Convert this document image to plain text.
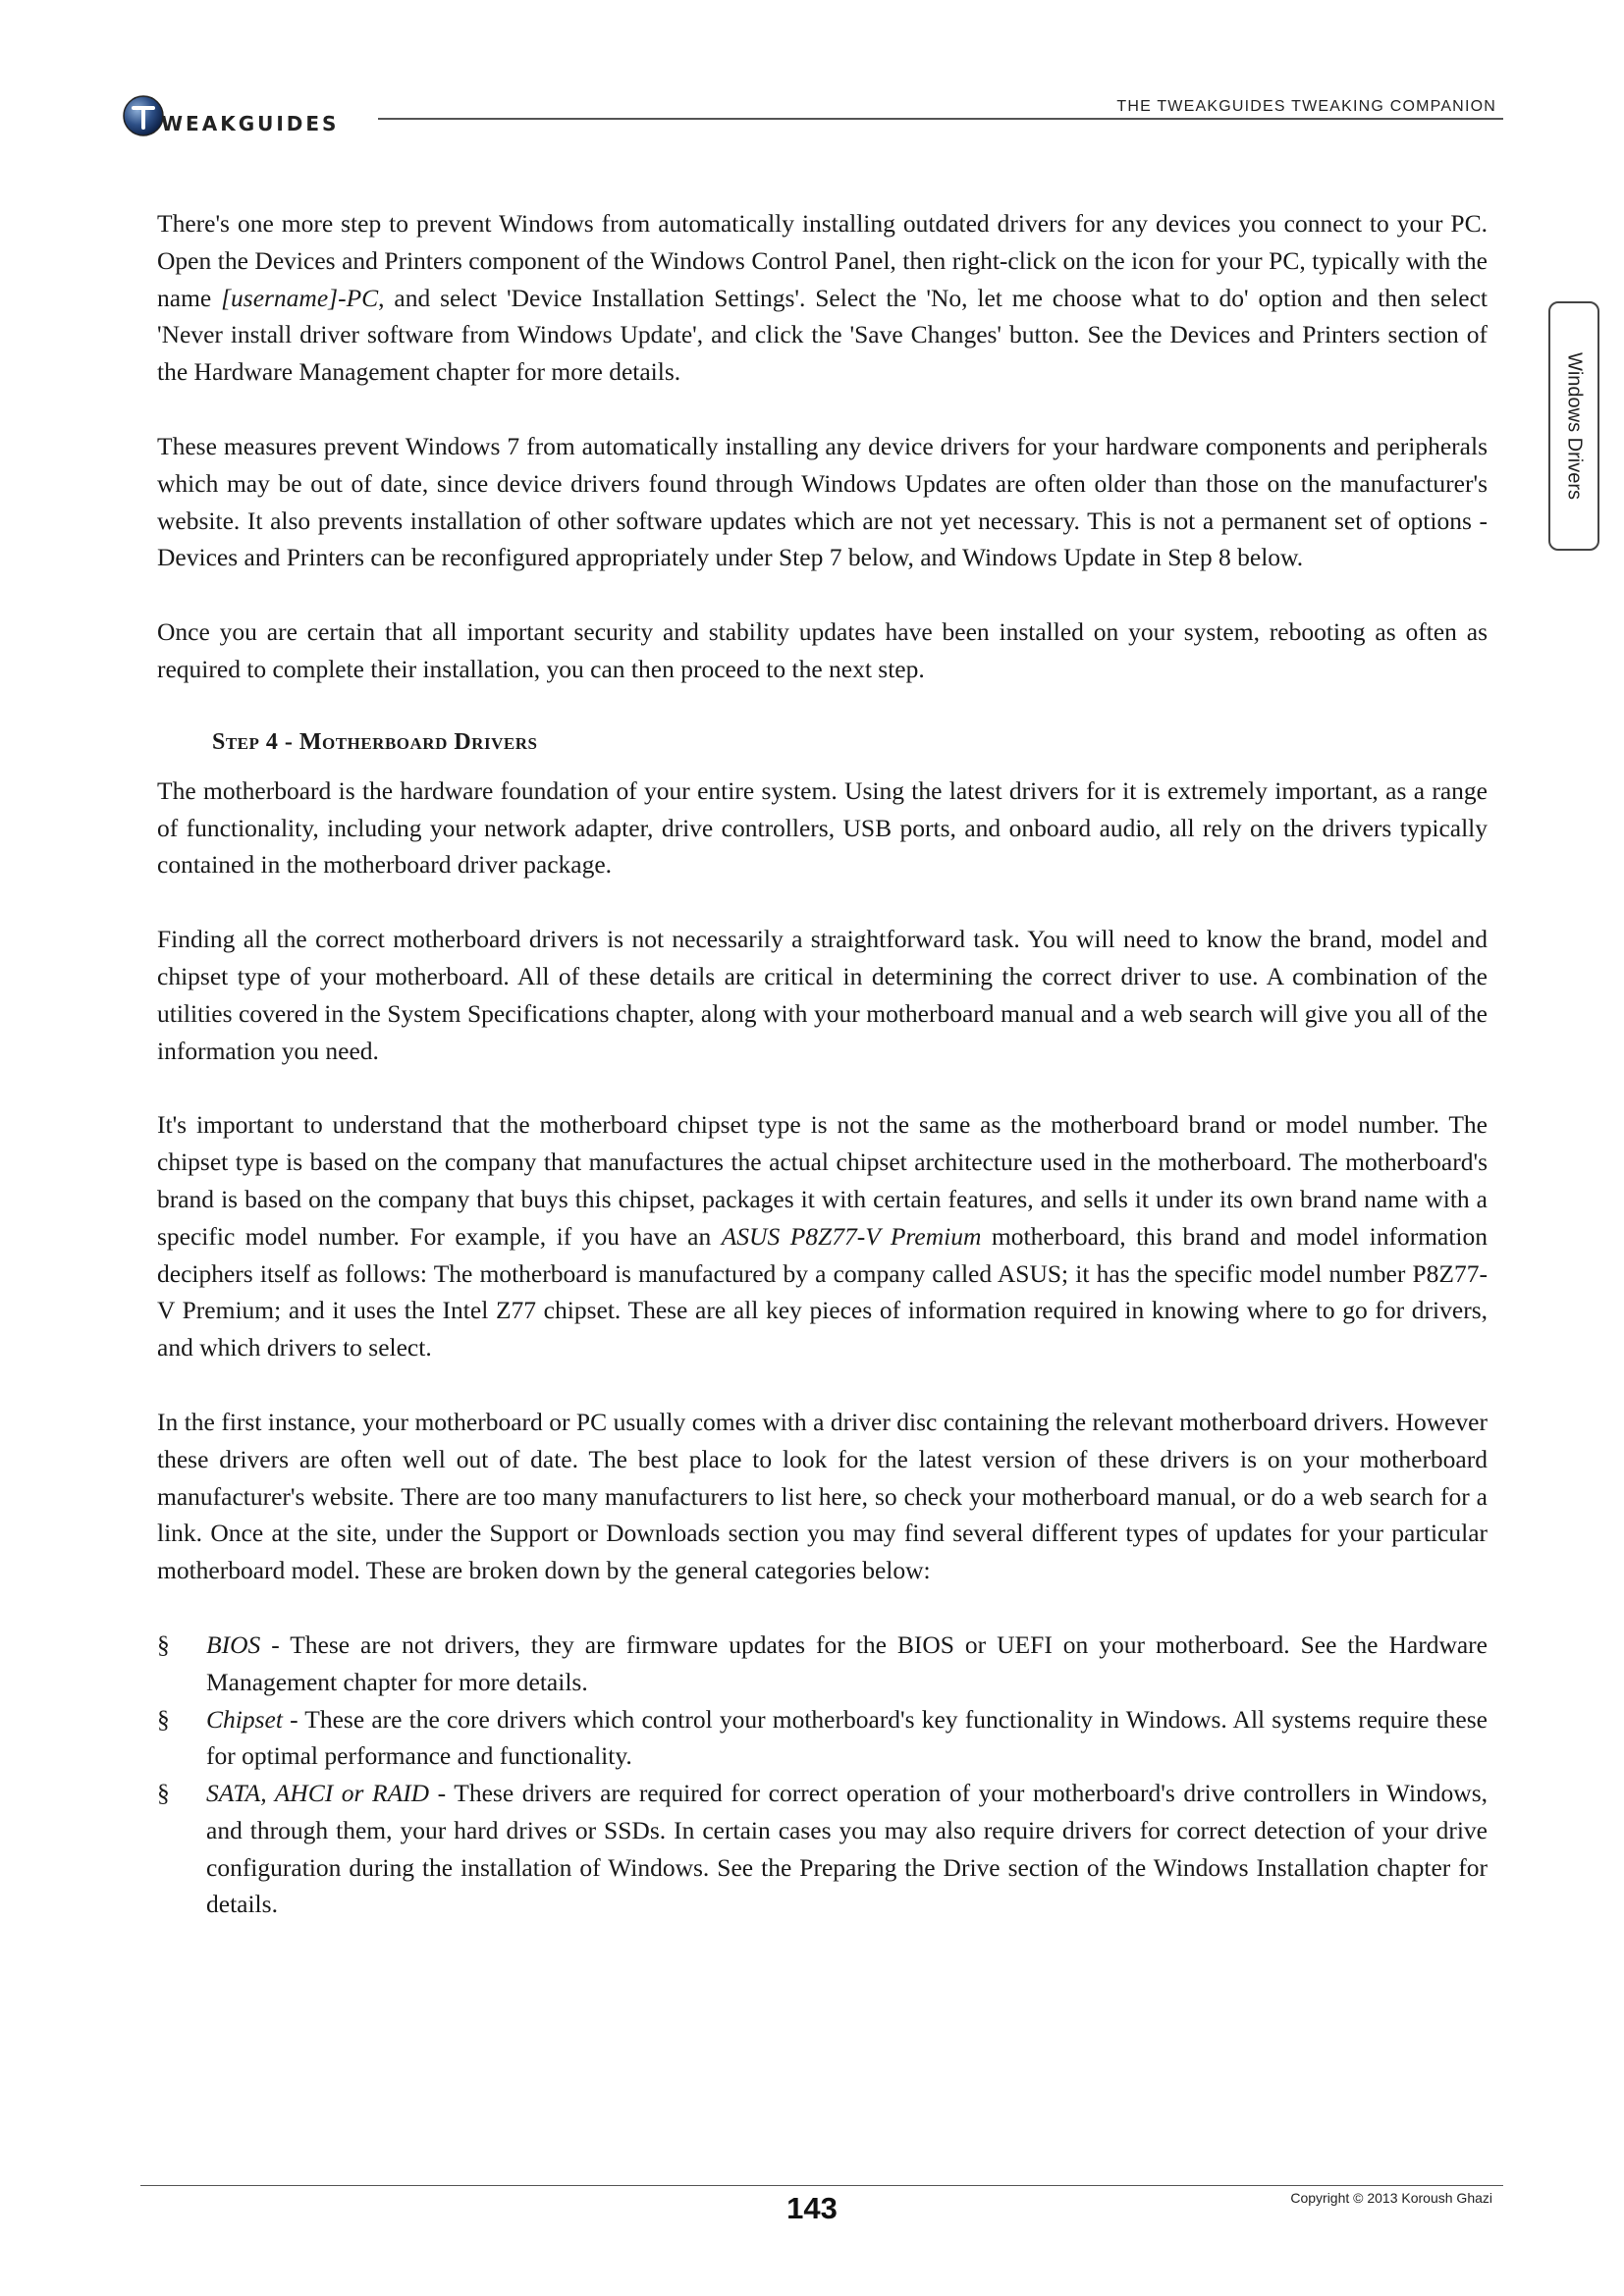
WEAKGUIDES
THE TWEAKGUIDES TWEAKING COMPANION
Windows Drivers

There's one more step to prevent Windows from automatically installing outdated drivers for any devices you connect to your PC. Open the Devices and Printers component of the Windows Control Panel, then right-click on the icon for your PC, typically with the name [username]-PC, and select 'Device Installation Settings'. Select the 'No, let me choose what to do' option and then select 'Never install driver software from Windows Update', and click the 'Save Changes' button. See the Devices and Printers section of the Hardware Management chapter for more details.

These measures prevent Windows 7 from automatically installing any device drivers for your hardware components and peripherals which may be out of date, since device drivers found through Windows Updates are often older than those on the manufacturer's website. It also prevents installation of other software updates which are not yet necessary. This is not a permanent set of options - Devices and Printers can be reconfigured appropriately under Step 7 below, and Windows Update in Step 8 below.

Once you are certain that all important security and stability updates have been installed on your system, rebooting as often as required to complete their installation, you can then proceed to the next step.

Step 4 - Motherboard Drivers

The motherboard is the hardware foundation of your entire system. Using the latest drivers for it is extremely important, as a range of functionality, including your network adapter, drive controllers, USB ports, and onboard audio, all rely on the drivers typically contained in the motherboard driver package.

Finding all the correct motherboard drivers is not necessarily a straightforward task. You will need to know the brand, model and chipset type of your motherboard. All of these details are critical in determining the correct driver to use. A combination of the utilities covered in the System Specifications chapter, along with your motherboard manual and a web search will give you all of the information you need.

It's important to understand that the motherboard chipset type is not the same as the motherboard brand or model number. The chipset type is based on the company that manufactures the actual chipset architecture used in the motherboard. The motherboard's brand is based on the company that buys this chipset, packages it with certain features, and sells it under its own brand name with a specific model number. For example, if you have an ASUS P8Z77-V Premium motherboard, this brand and model information deciphers itself as follows: The motherboard is manufactured by a company called ASUS; it has the specific model number P8Z77-V Premium; and it uses the Intel Z77 chipset. These are all key pieces of information required in knowing where to go for drivers, and which drivers to select.

In the first instance, your motherboard or PC usually comes with a driver disc containing the relevant motherboard drivers. However these drivers are often well out of date. The best place to look for the latest version of these drivers is on your motherboard manufacturer's website. There are too many manufacturers to list here, so check your motherboard manual, or do a web search for a link. Once at the site, under the Support or Downloads section you may find several different types of updates for your particular motherboard model. These are broken down by the general categories below:

§ BIOS - These are not drivers, they are firmware updates for the BIOS or UEFI on your motherboard. See the Hardware Management chapter for more details.
§ Chipset - These are the core drivers which control your motherboard's key functionality in Windows. All systems require these for optimal performance and functionality.
§ SATA, AHCI or RAID - These drivers are required for correct operation of your motherboard's drive controllers in Windows, and through them, your hard drives or SSDs. In certain cases you may also require drivers for correct detection of your drive configuration during the installation of Windows. See the Preparing the Drive section of the Windows Installation chapter for details.
143	Copyright © 2013 Koroush Ghazi
